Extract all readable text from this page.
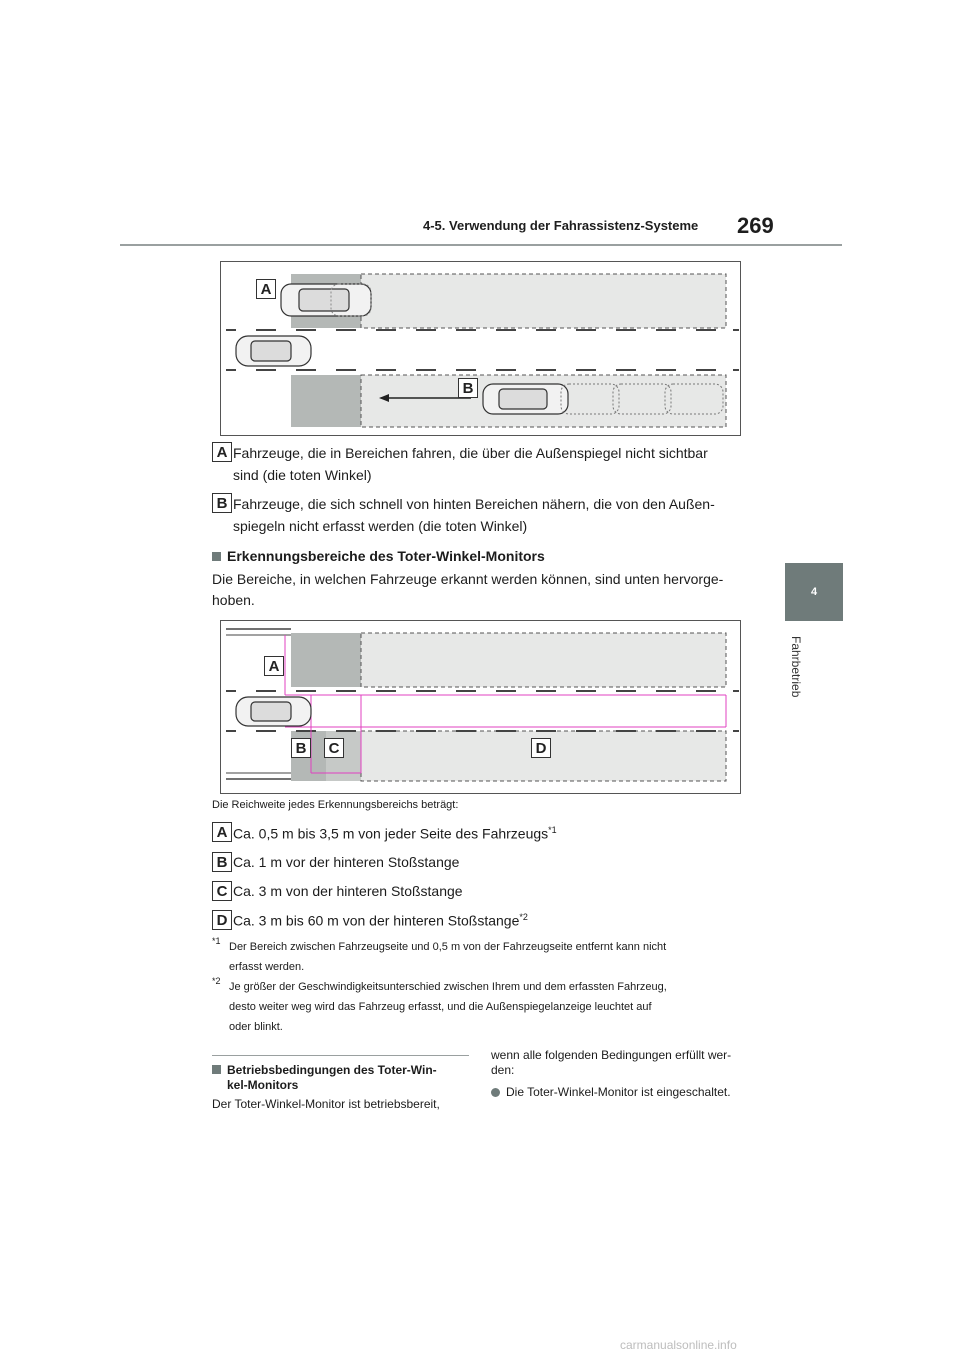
4-5. Verwendung der Fahrassistenz-Systeme 269
4
Fahrbetrieb
A
B
A Fahrzeuge, die in Bereichen fahren, die über die Außenspiegel nicht sichtbar
sind (die toten Winkel)
B Fahrzeuge, die sich schnell von hinten Bereichen nähern, die von den Außen-
spiegeln nicht erfasst werden (die toten Winkel)
Erkennungsbereiche des Toter-Winkel-Monitors
Die Bereiche, in welchen Fahrzeuge erkannt werden können, sind unten hervorge-
hoben.
A
B	C	D
Die Reichweite jedes Erkennungsbereichs beträgt:
A Ca. 0,5 m bis 3,5 m von jeder Seite des Fahrzeugs$^{*1}$
B Ca. 1 m vor der hinteren Stoßstange
C Ca. 3 m von der hinteren Stoßstange
D Ca. 3 m bis 60 m von der hinteren Stoßstange$^{*2}$
*1 Der Bereich zwischen Fahrzeugseite und 0,5 m von der Fahrzeugseite entfernt kann nicht
erfasst werden.
*2 Je größer der Geschwindigkeitsunterschied zwischen Ihrem und dem erfassten Fahrzeug,
desto weiter weg wird das Fahrzeug erfasst, und die Außenspiegelanzeige leuchtet auf
oder blinkt.
Betriebsbedingungen des Toter-Win-
kel-Monitors
Der Toter-Winkel-Monitor ist betriebsbereit,
wenn alle folgenden Bedingungen erfüllt wer-
den:
Die Toter-Winkel-Monitor ist eingeschaltet.
carmanualsonline.info
